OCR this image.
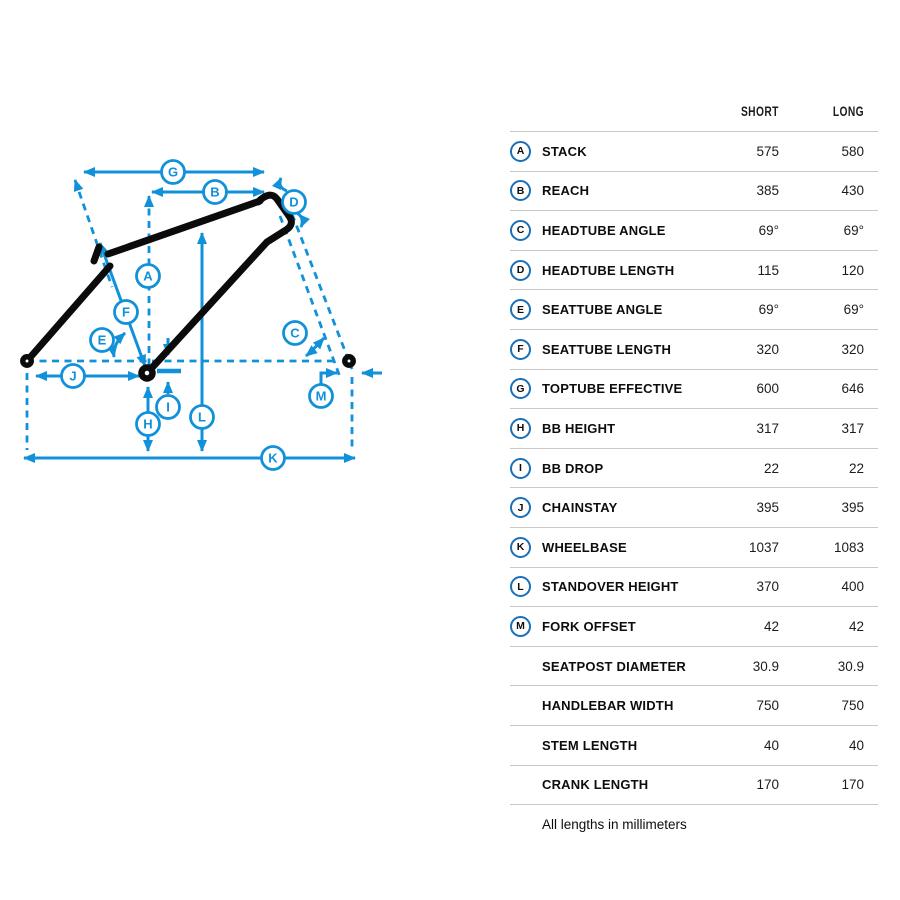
G
B
D
A
F
E	C
J
I
H	L
M
K
SHORT	LONG
A STACK	575	580
B REACH	385	430
C HEADTUBE ANGLE	69°	69°
D HEADTUBE LENGTH	115	120
E SEATTUBE ANGLE	69°	69°
F SEATTUBE LENGTH	320	320
G TOPTUBE EFFECTIVE	600	646
H BB HEIGHT	317	317
I BB DROP	22	22
J CHAINSTAY	395	395
K WHEELBASE	1037	1083
L STANDOVER HEIGHT	370	400
M FORK OFFSET	42	42
SEATPOST DIAMETER	30.9	30.9
HANDLEBAR WIDTH	750	750
STEM LENGTH	40	40
CRANK LENGTH	170	170
All lengths in millimeters
